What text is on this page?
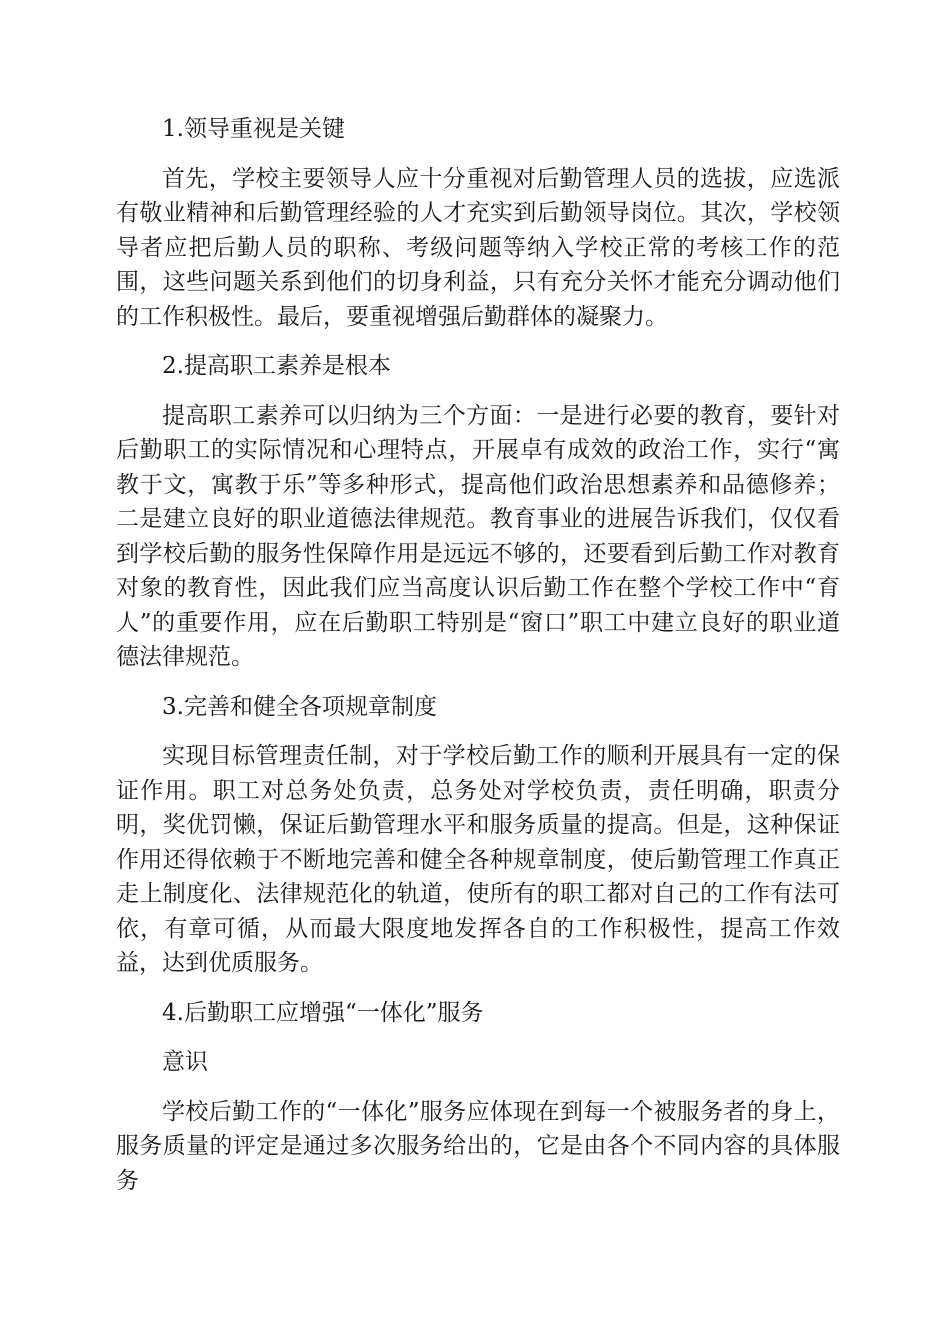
1.领导重视是关键

首先，学校主要领导人应十分重视对后勤管理人员的选拔，应选派有敬业精神和后勤管理经验的人才充实到后勤领导岗位。其次，学校领导者应把后勤人员的职称、考级问题等纳入学校正常的考核工作的范围，这些问题关系到他们的切身利益，只有充分关怀才能充分调动他们的工作积极性。最后，要重视增强后勤群体的凝聚力。

2.提高职工素养是根本

提高职工素养可以归纳为三个方面：一是进行必要的教育，要针对后勤职工的实际情况和心理特点，开展卓有成效的政治工作，实行“寓教于文，寓教于乐”等多种形式，提高他们政治思想素养和品德修养；二是建立良好的职业道德法律规范。教育事业的进展告诉我们，仅仅看到学校后勤的服务性保障作用是远远不够的，还要看到后勤工作对教育对象的教育性，因此我们应当高度认识后勤工作在整个学校工作中“育人”的重要作用，应在后勤职工特别是“窗口”职工中建立良好的职业道德法律规范。

3.完善和健全各项规章制度

实现目标管理责任制，对于学校后勤工作的顺利开展具有一定的保证作用。职工对总务处负责，总务处对学校负责，责任明确，职责分明，奖优罚懒，保证后勤管理水平和服务质量的提高。但是，这种保证作用还得依赖于不断地完善和健全各种规章制度，使后勤管理工作真正走上制度化、法律规范化的轨道，使所有的职工都对自己的工作有法可依，有章可循，从而最大限度地发挥各自的工作积极性，提高工作效益，达到优质服务。

4.后勤职工应增强“一体化”服务

意识

学校后勤工作的“一体化”服务应体现在到每一个被服务者的身上，服务质量的评定是通过多次服务给出的，它是由各个不同内容的具体服务
